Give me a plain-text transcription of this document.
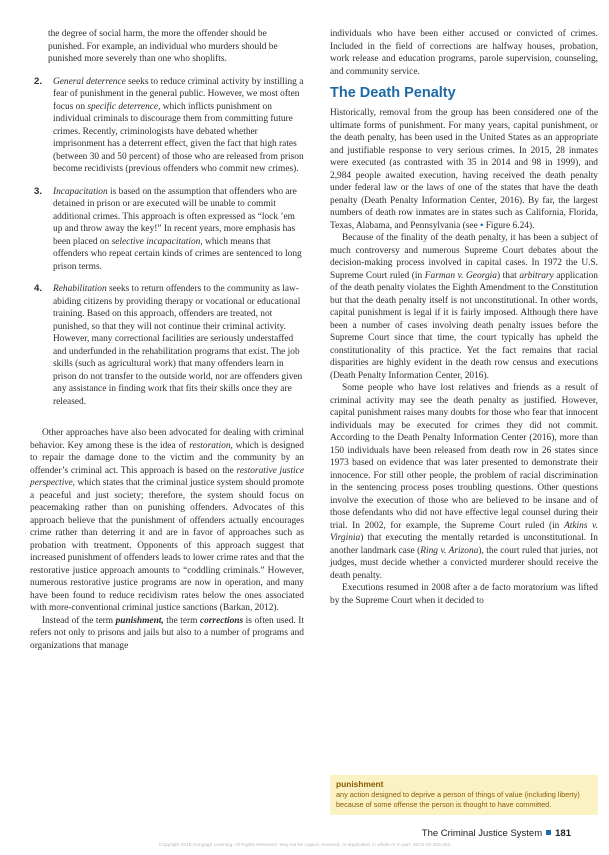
the degree of social harm, the more the offender should be punished. For example, an individual who murders should be punished more severely than one who shoplifts.

2. General deterrence seeks to reduce criminal activity by instilling a fear of punishment in the general public. However, we most often focus on specific deterrence, which inflicts punishment on individual criminals to discourage them from committing future crimes. Recently, criminologists have debated whether imprisonment has a deterrent effect, given the fact that high rates (between 30 and 50 percent) of those who are released from prison become recidivists (previous offenders who commit new crimes).

3. Incapacitation is based on the assumption that offenders who are detained in prison or are executed will be unable to commit additional crimes. This approach is often expressed as “lock ’em up and throw away the key!” In recent years, more emphasis has been placed on selective incapacitation, which means that offenders who repeat certain kinds of crimes are sentenced to long prison terms.

4. Rehabilitation seeks to return offenders to the community as law-abiding citizens by providing therapy or vocational or educational training. Based on this approach, offenders are treated, not punished, so that they will not continue their criminal activity. However, many correctional facilities are seriously understaffed and underfunded in the rehabilitation programs that exist. The job skills (such as agricultural work) that many offenders learn in prison do not transfer to the outside world, nor are offenders given any assistance in finding work that fits their skills once they are released.

Other approaches have also been advocated for dealing with criminal behavior. Key among these is the idea of restoration, which is designed to repair the damage done to the victim and the community by an offender’s criminal act. This approach is based on the restorative justice perspective, which states that the criminal justice system should promote a peaceful and just society; therefore, the system should focus on peacemaking rather than on punishing offenders. Advocates of this approach believe that the punishment of offenders actually encourages crime rather than deterring it and are in favor of approaches such as probation with treatment. Opponents of this approach suggest that increased punishment of offenders leads to lower crime rates and that the restorative justice approach amounts to “coddling criminals.” However, numerous restorative justice programs are now in operation, and many have been found to reduce recidivism rates below the ones associated with more-conventional criminal justice sanctions (Barkan, 2012).

Instead of the term punishment, the term corrections is often used. It refers not only to prisons and jails but also to a number of programs and organizations that manage

individuals who have been either accused or convicted of crimes. Included in the field of corrections are halfway houses, probation, work release and education programs, parole supervision, counseling, and community service.

The Death Penalty

Historically, removal from the group has been considered one of the ultimate forms of punishment. For many years, capital punishment, or the death penalty, has been used in the United States as an appropriate and justifiable response to very serious crimes. In 2015, 28 inmates were executed (as contrasted with 35 in 2014 and 98 in 1999), and 2,984 people awaited execution, having received the death penalty under federal law or the laws of one of the states that have the death penalty (Death Penalty Information Center, 2016). By far, the largest numbers of death row inmates are in states such as California, Florida, Texas, Alabama, and Pennsylvania (see • Figure 6.24).

Because of the finality of the death penalty, it has been a subject of much controversy and numerous Supreme Court debates about the decision-making process involved in capital cases. In 1972 the U.S. Supreme Court ruled (in Farman v. Georgia) that arbitrary application of the death penalty violates the Eighth Amendment to the Constitution but that the death penalty itself is not unconstitutional. In other words, capital punishment is legal if it is fairly imposed. Although there have been a number of cases involving death penalty issues before the Supreme Court since that time, the court typically has upheld the constitutionality of this practice. Yet the fact remains that racial disparities are highly evident in the death row census and executions (Death Penalty Information Center, 2016).

Some people who have lost relatives and friends as a result of criminal activity may see the death penalty as justified. However, capital punishment raises many doubts for those who fear that innocent individuals may be executed for crimes they did not commit. According to the Death Penalty Information Center (2016), more than 150 individuals have been released from death row in 26 states since 1973 based on evidence that was later presented to demonstrate their innocence. For still other people, the problem of racial discrimination in the sentencing process poses troubling questions. Other questions involve the execution of those who are believed to be insane and of those defendants who did not have effective legal counsel during their trial. In 2002, for example, the Supreme Court ruled (in Atkins v. Virginia) that executing the mentally retarded is unconstitutional. In another landmark case (Ring v. Arizona), the court ruled that juries, not judges, must decide whether a convicted murderer should receive the death penalty.

Executions resumed in 2008 after a de facto moratorium was lifted by the Supreme Court when it decided to

punishment
any action designed to deprive a person of things of value (including liberty) because of some offense the person is thought to have committed.
The Criminal Justice System 181
Copyright 2018 Cengage Learning. All Rights Reserved. May not be copied, scanned, or duplicated, in whole or in part. WCN 02-200-203
